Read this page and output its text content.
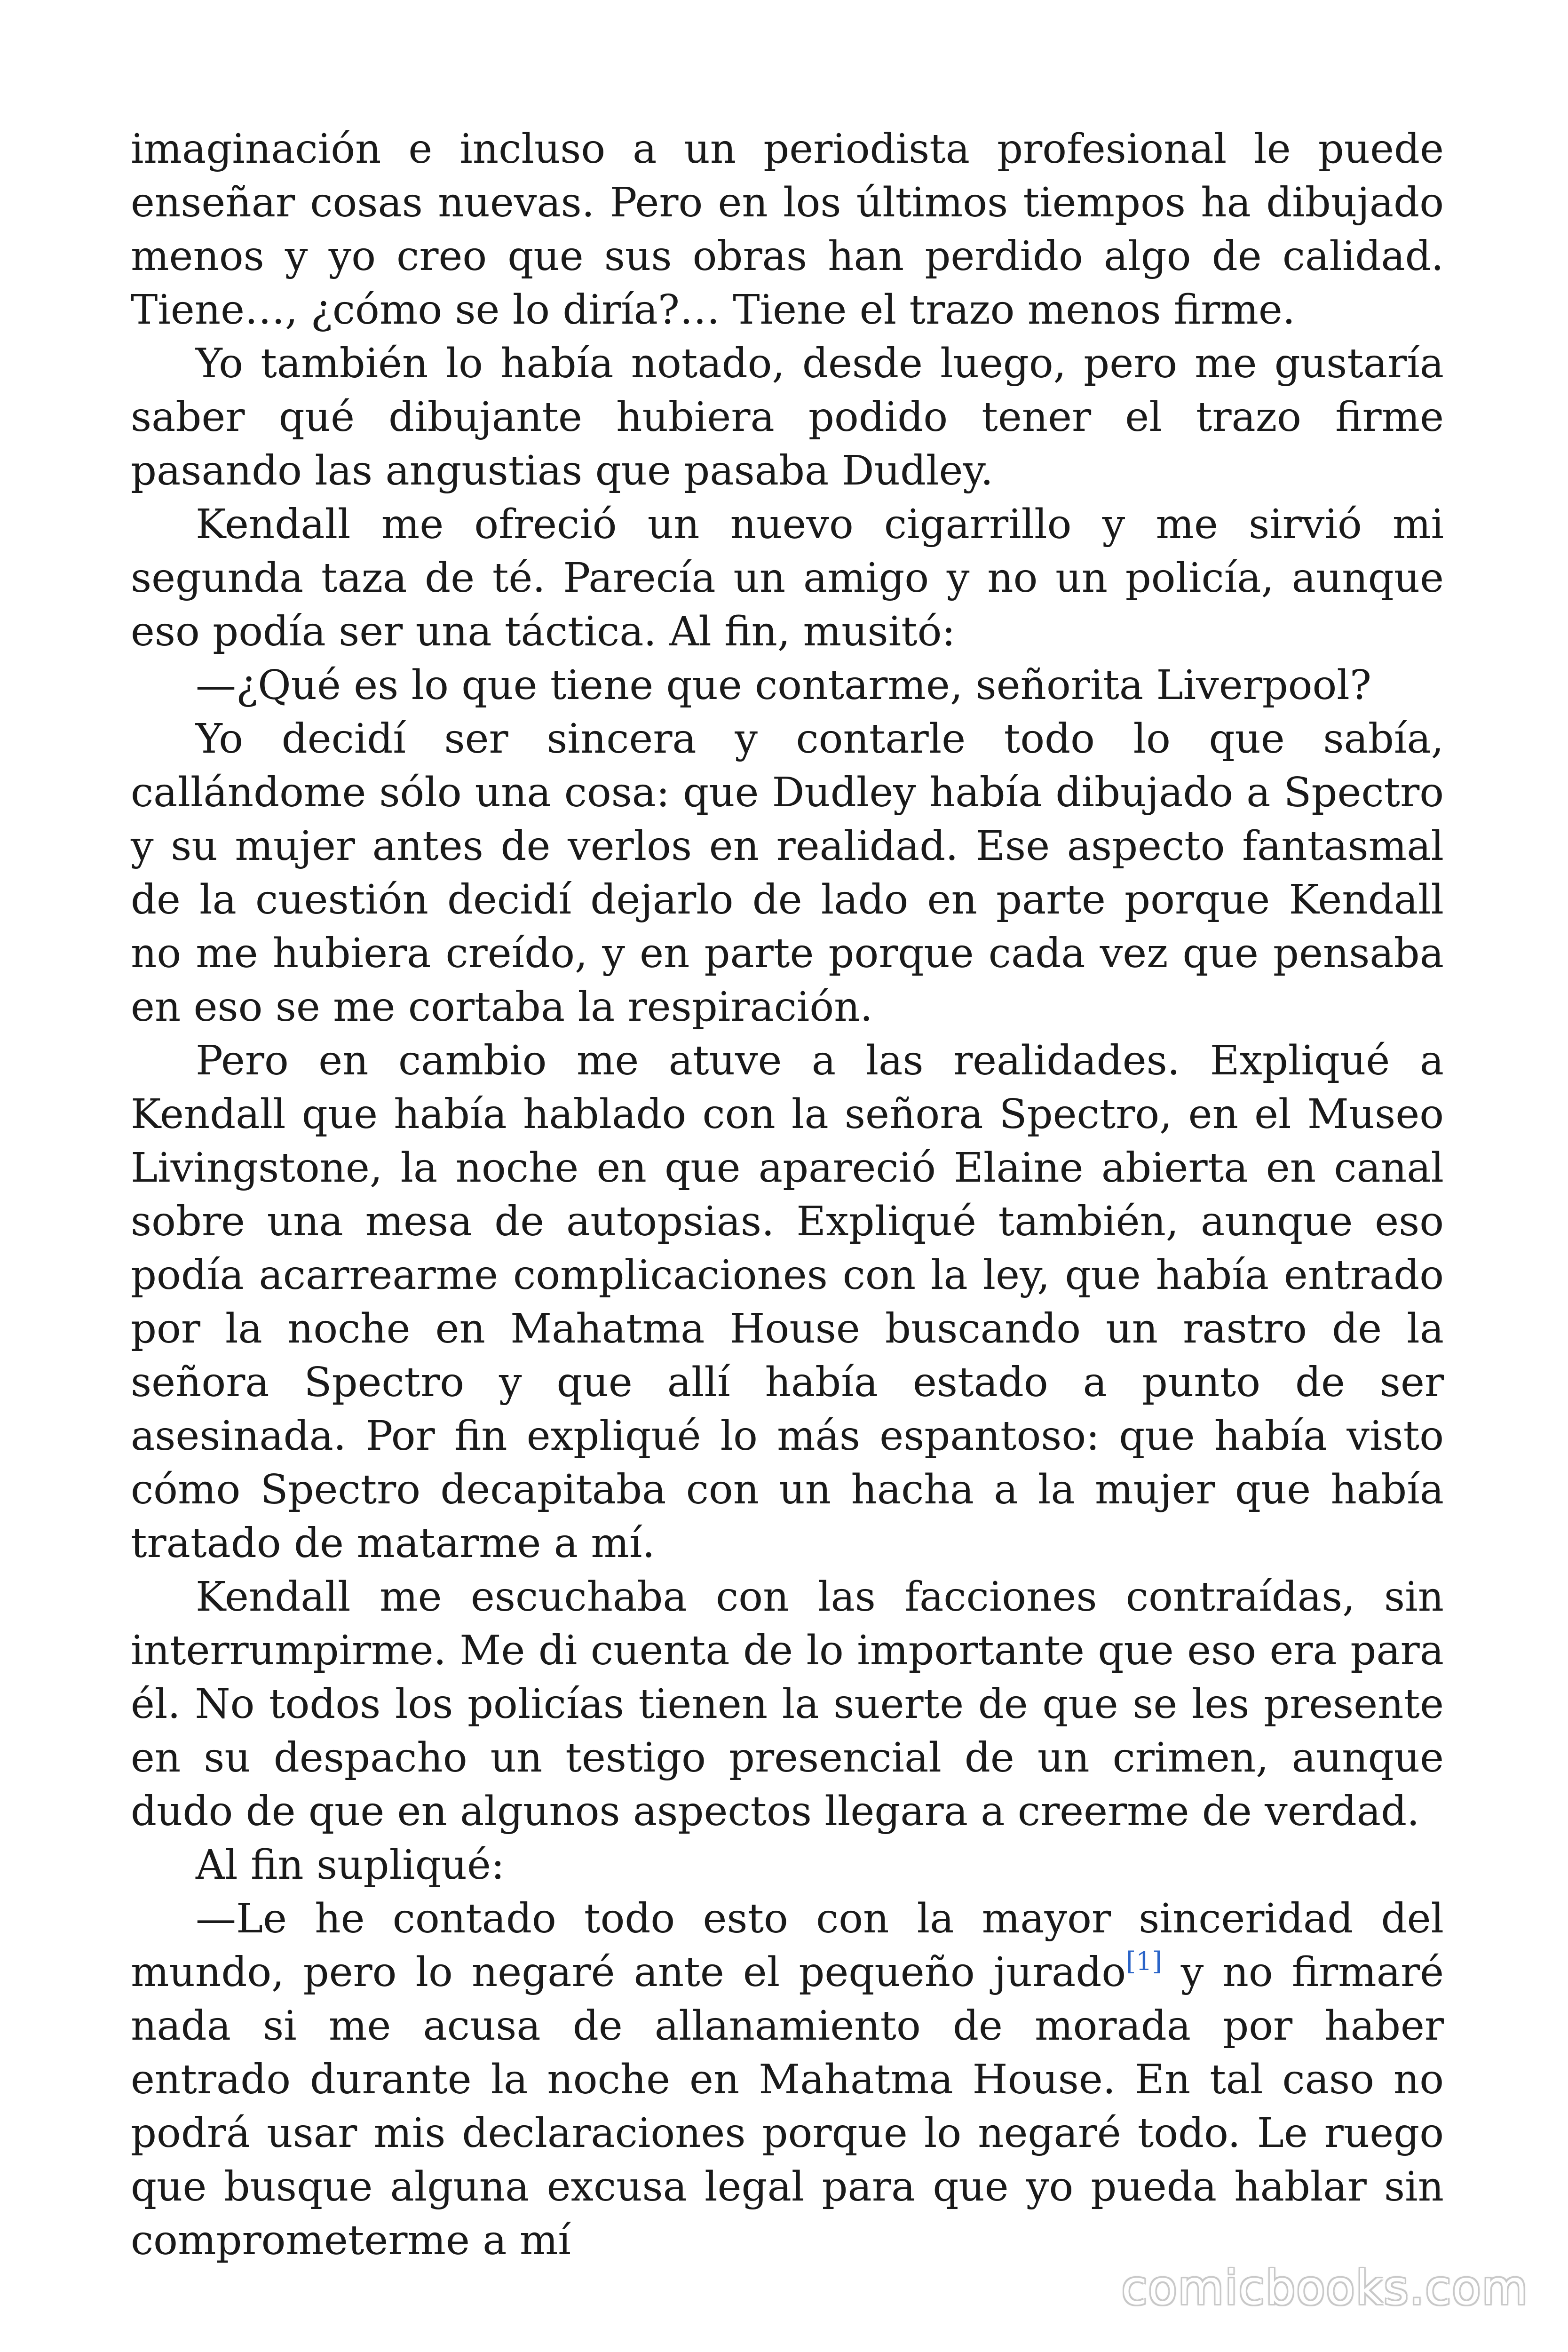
imaginación e incluso a un periodista profesional le puede enseñar cosas nuevas. Pero en los últimos tiempos ha dibujado menos y yo creo que sus obras han perdido algo de calidad. Tiene…, ¿cómo se lo diría?… Tiene el trazo menos firme.

Yo también lo había notado, desde luego, pero me gustaría saber qué dibujante hubiera podido tener el trazo firme pasando las angustias que pasaba Dudley.

Kendall me ofreció un nuevo cigarrillo y me sirvió mi segunda taza de té. Parecía un amigo y no un policía, aunque eso podía ser una táctica. Al fin, musitó:

—¿Qué es lo que tiene que contarme, señorita Liverpool?

Yo decidí ser sincera y contarle todo lo que sabía, callándome sólo una cosa: que Dudley había dibujado a Spectro y su mujer antes de verlos en realidad. Ese aspecto fantasmal de la cuestión decidí dejarlo de lado en parte porque Kendall no me hubiera creído, y en parte porque cada vez que pensaba en eso se me cortaba la respiración.

Pero en cambio me atuve a las realidades. Expliqué a Kendall que había hablado con la señora Spectro, en el Museo Livingstone, la noche en que apareció Elaine abierta en canal sobre una mesa de autopsias. Expliqué también, aunque eso podía acarrearme complicaciones con la ley, que había entrado por la noche en Mahatma House buscando un rastro de la señora Spectro y que allí había estado a punto de ser asesinada. Por fin expliqué lo más espantoso: que había visto cómo Spectro decapitaba con un hacha a la mujer que había tratado de matarme a mí.

Kendall me escuchaba con las facciones contraídas, sin interrumpirme. Me di cuenta de lo importante que eso era para él. No todos los policías tienen la suerte de que se les presente en su despacho un testigo presencial de un crimen, aunque dudo de que en algunos aspectos llegara a creerme de verdad.

Al fin supliqué:

—Le he contado todo esto con la mayor sinceridad del mundo, pero lo negaré ante el pequeño jurado[1] y no firmaré nada si me acusa de allanamiento de morada por haber entrado durante la noche en Mahatma House. En tal caso no podrá usar mis declaraciones porque lo negaré todo. Le ruego que busque alguna excusa legal para que yo pueda hablar sin comprometerme a mí

comicbooks.com
